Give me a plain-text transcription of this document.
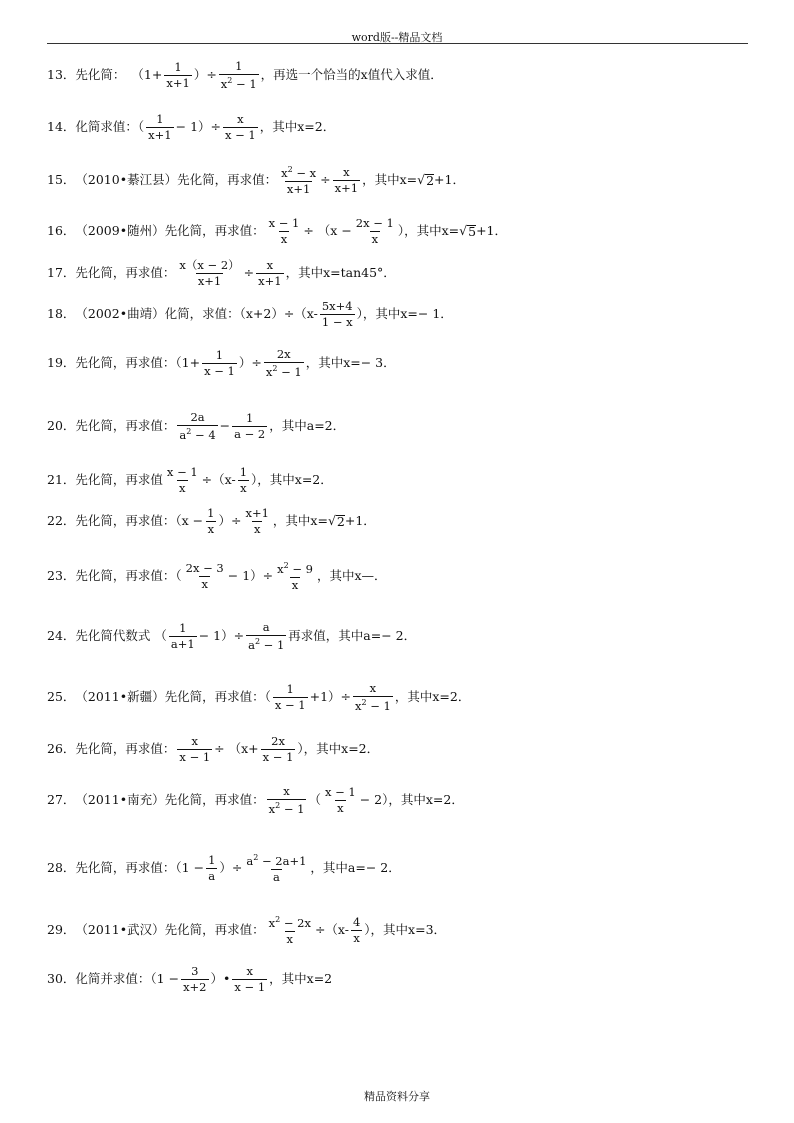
word版--精品文档
13． 先化简： （$1+ \frac{1}{x+1}$ ）÷ $\frac{1}{x^2 - 1}$ ，再选一个恰当的x值代入求值．
14． 化简求值：（ $\frac{1}{x+1} - 1)\div \frac{x}{x - 1}$ ，其中x=2．
15． （2010•綦江县）先化简，再求值： $\frac{x^2 - x}{x+1} \div \frac{x}{x+1}$ ，其中x= √ 2 +1．
16． （2009•随州）先化简，再求值： $\frac{x - 1}{x} \div (x - \frac{2x - 1}{x}$ ），其中x= √ 5 +1．
17． 先化简，再求值： $\frac{x(x - 2)}{x+1} \div \frac{x}{x+1}$ ，其中x=tan45°．
18． （2002•曲靖）化简，求值：$(x+2)\div(x- \frac{5x+4}{1 - x}$ ），其中x=− 1．
19． 先化简，再求值：（$1+ \frac{1}{x - 1}$ ）÷ $\frac{2x}{x^2 - 1}$ ，其中x=− 3．
20． 先化简，再求值： $\frac{2a}{a^2 - 4} - \frac{1}{a - 2}$ ，其中a=2．
21． 先化简，再求值 $\frac{x - 1}{x} \div(x- \frac{1}{x}$ ），其中x=2．
22． 先化简，再求值：（$x - \frac{1}{x}$ ）÷ $\frac{x+1}{x}$ ，其中x= √ 2 +1．
23． 先化简，再求值：（ $\frac{2x - 3}{x} - 1)\div \frac{x^2 - 9}{x}$ ，其中x—．
24． 先化简代数式 （ $\frac{1}{a+1} - 1)\div \frac{a}{a^2 - 1}$ 再求值，其中a=− 2．
25． （2011•新疆）先化简，再求值：（ $\frac{1}{x - 1} +1)\div \frac{x}{x^2 - 1}$ ，其中x=2．
26． 先化简，再求值： $\frac{x}{x - 1} \div (x+ \frac{2x}{x - 1}$ ），其中x=2．
27． （2011•南充）先化简，再求值： $\frac{x}{x^2 - 1}$ （ $\frac{x - 1}{x} - 2$），其中x=2．
28． 先化简，再求值：（$1 - \frac{1}{a}$ ）÷ $\frac{a^2 - 2a+1}{a}$ ，其中a=− 2．
29． （2011•武汉）先化简，再求值： $\frac{x^2 - 2x}{x} \div(x- \frac{4}{x}$ ），其中x=3．
30． 化简并求值：（$1 - \frac{3}{x+2}$ ）• $\frac{x}{x - 1}$ ，其中x=2
精品资料分享
